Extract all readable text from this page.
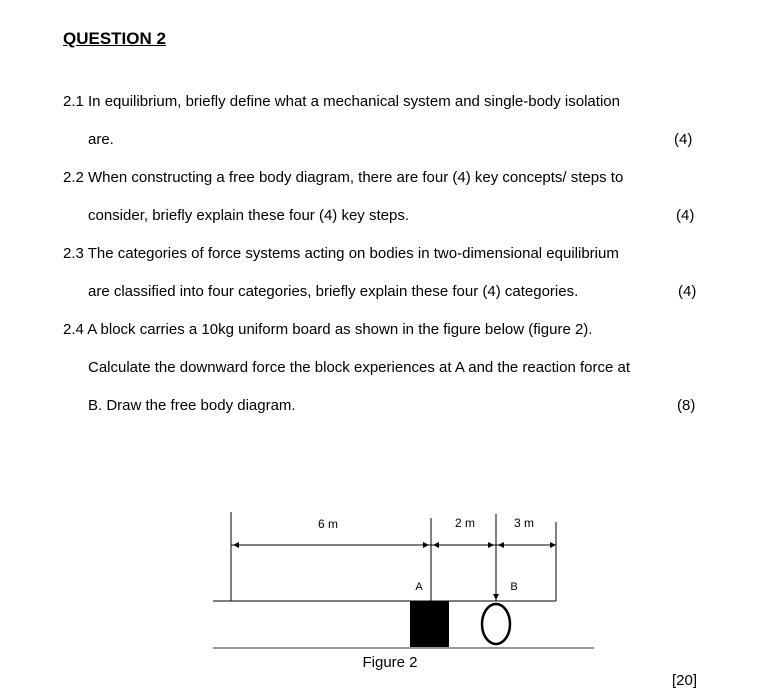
QUESTION 2
2.1 In equilibrium, briefly define what a mechanical system and single-body isolation
are.	(4)
2.2 When constructing a free body diagram, there are four (4) key concepts/ steps to
consider, briefly explain these four (4) key steps.	(4)
2.3 The categories of force systems acting on bodies in two-dimensional equilibrium
are classified into four categories, briefly explain these four (4) categories.	(4)
2.4 A block carries a 10kg uniform board as shown in the figure below (figure 2).
Calculate the downward force the block experiences at A and the reaction force at
B. Draw the free body diagram.	(8)
6 m	2 m	3 m
A	B
Figure 2
[20]
